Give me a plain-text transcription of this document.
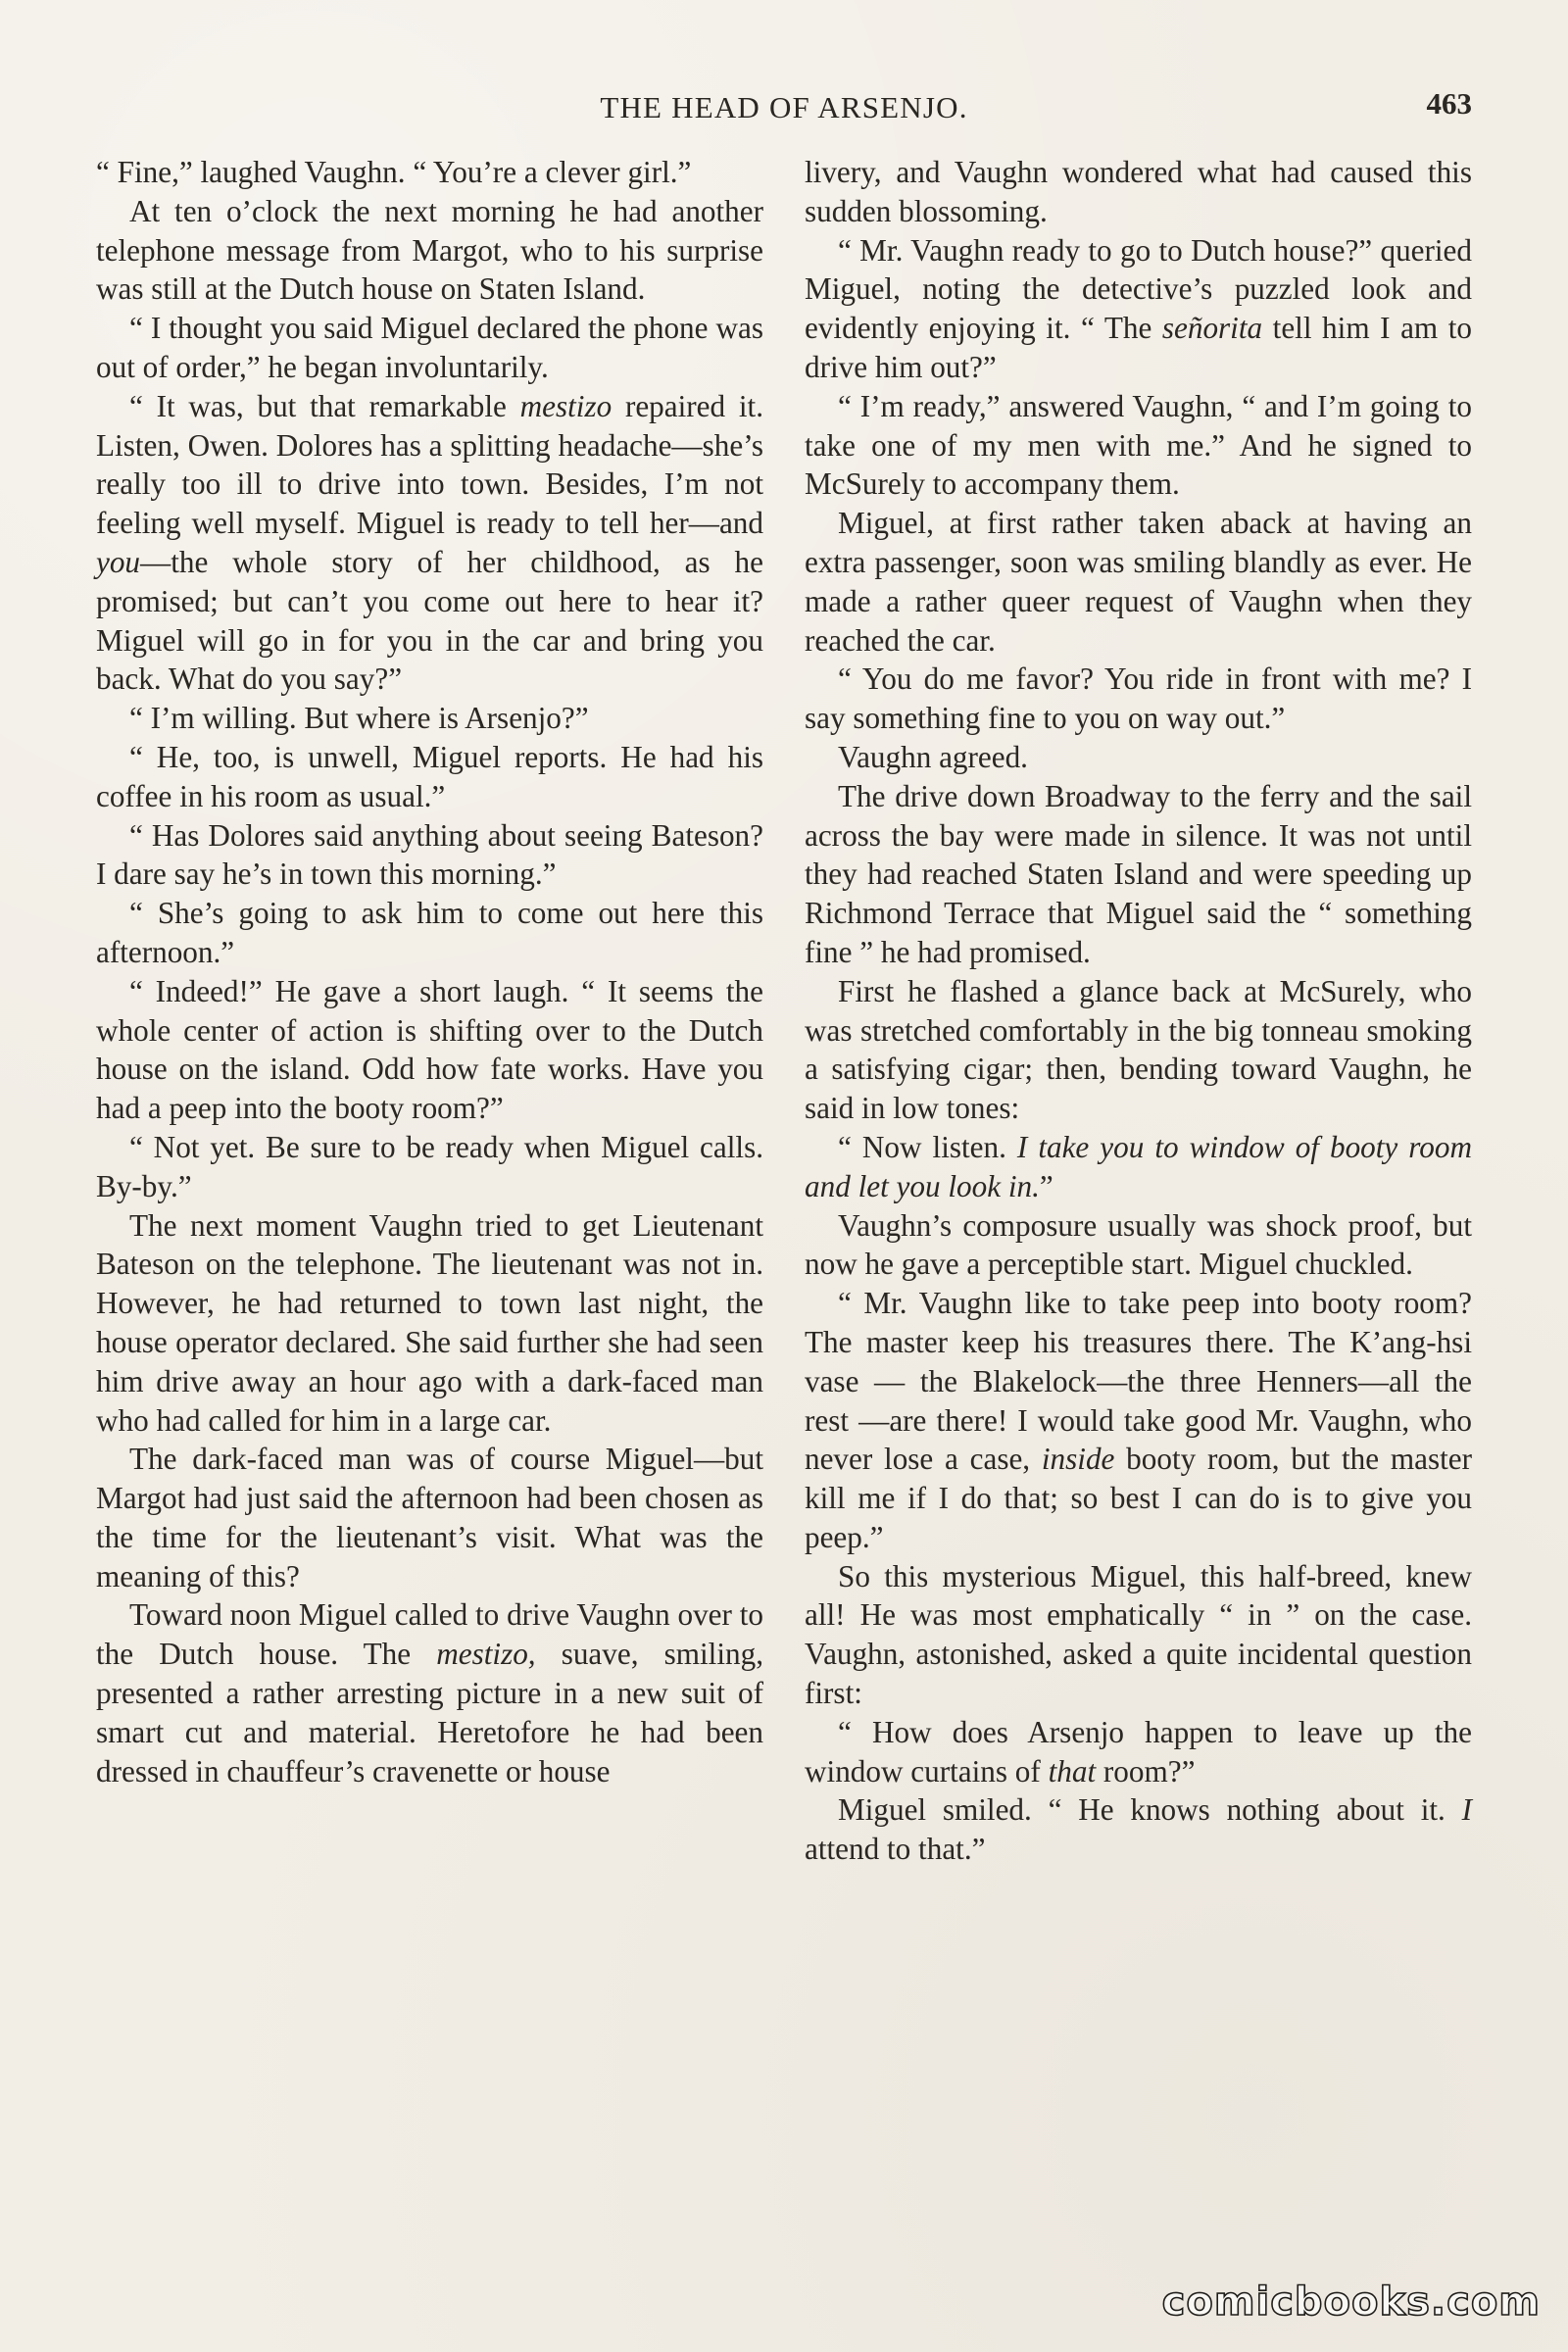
THE HEAD OF ARSENJO.	463

“ Fine,” laughed Vaughn. “ You’re a clever girl.”

At ten o’clock the next morning he had another telephone message from Margot, who to his surprise was still at the Dutch house on Staten Island.

“ I thought you said Miguel declared the phone was out of order,” he began involuntarily.

“ It was, but that remarkable mestizo repaired it. Listen, Owen. Dolores has a splitting headache—she’s really too ill to drive into town. Besides, I’m not feeling well myself. Miguel is ready to tell her—and you—the whole story of her childhood, as he promised; but can’t you come out here to hear it? Miguel will go in for you in the car and bring you back. What do you say?”

“ I’m willing. But where is Arsenjo?”

“ He, too, is unwell, Miguel reports. He had his coffee in his room as usual.”

“ Has Dolores said anything about seeing Bateson? I dare say he’s in town this morning.”

“ She’s going to ask him to come out here this afternoon.”

“ Indeed!” He gave a short laugh. “ It seems the whole center of action is shifting over to the Dutch house on the island. Odd how fate works. Have you had a peep into the booty room?”

“ Not yet. Be sure to be ready when Miguel calls. By-by.”

The next moment Vaughn tried to get Lieutenant Bateson on the telephone. The lieutenant was not in. However, he had returned to town last night, the house operator declared. She said further she had seen him drive away an hour ago with a dark-faced man who had called for him in a large car.

The dark-faced man was of course Miguel—but Margot had just said the afternoon had been chosen as the time for the lieutenant’s visit. What was the meaning of this?

Toward noon Miguel called to drive Vaughn over to the Dutch house. The mestizo, suave, smiling, presented a rather arresting picture in a new suit of smart cut and material. Heretofore he had been dressed in chauffeur’s cravenette or house

livery, and Vaughn wondered what had caused this sudden blossoming.

“ Mr. Vaughn ready to go to Dutch house?” queried Miguel, noting the detective’s puzzled look and evidently enjoying it. “ The señorita tell him I am to drive him out?”

“ I’m ready,” answered Vaughn, “ and I’m going to take one of my men with me.” And he signed to McSurely to accompany them.

Miguel, at first rather taken aback at having an extra passenger, soon was smiling blandly as ever. He made a rather queer request of Vaughn when they reached the car.

“ You do me favor? You ride in front with me? I say something fine to you on way out.”

Vaughn agreed.

The drive down Broadway to the ferry and the sail across the bay were made in silence. It was not until they had reached Staten Island and were speeding up Richmond Terrace that Miguel said the “ something fine ” he had promised.

First he flashed a glance back at McSurely, who was stretched comfortably in the big tonneau smoking a satisfying cigar; then, bending toward Vaughn, he said in low tones:

“ Now listen. I take you to window of booty room and let you look in.”

Vaughn’s composure usually was shock proof, but now he gave a perceptible start. Miguel chuckled.

“ Mr. Vaughn like to take peep into booty room? The master keep his treasures there. The K’ang-hsi vase — the Blakelock—the three Henners—all the rest —are there! I would take good Mr. Vaughn, who never lose a case, inside booty room, but the master kill me if I do that; so best I can do is to give you peep.”

So this mysterious Miguel, this half-breed, knew all! He was most emphatically “ in ” on the case. Vaughn, astonished, asked a quite incidental question first:

“ How does Arsenjo happen to leave up the window curtains of that room?”

Miguel smiled. “ He knows nothing about it. I attend to that.”

comicbooks.com
